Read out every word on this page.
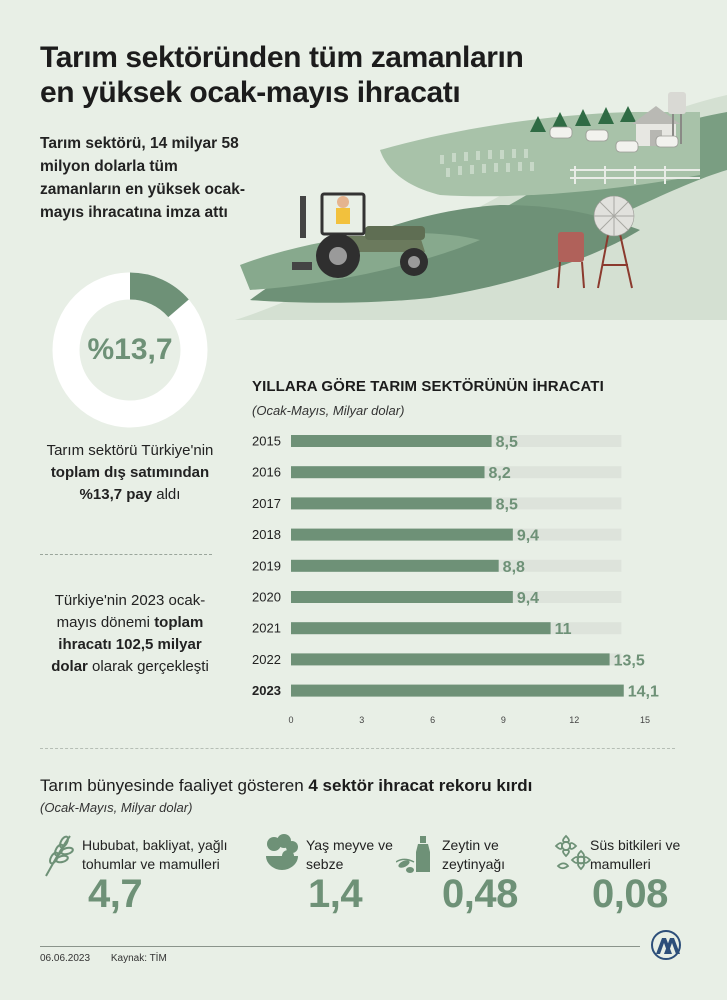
Tarım sektöründen tüm zamanların
en yüksek ocak-mayıs ihracatı
Tarım sektörü, 14 milyar 58 milyon dolarla tüm zamanların en yüksek ocak-mayıs ihracatına imza attı
%13,7
Tarım sektörü Türkiye'nin toplam dış satımından %13,7 pay aldı
Türkiye'nin 2023 ocak-mayıs dönemi toplam ihracatı 102,5 milyar dolar olarak gerçekleşti
YILLARA GÖRE TARIM SEKTÖRÜNÜN İHRACATI
(Ocak-Mayıs, Milyar dolar)
2015	8,5
2016	8,2
2017	8,5
2018	9,4
2019	8,8
2020	9,4
2021	11
2022	13,5
2023	14,1
0	3	6	9	12	15
Tarım bünyesinde faaliyet gösteren 4 sektör ihracat rekoru kırdı
(Ocak-Mayıs, Milyar dolar)
Hububat, bakliyat, yağlı tohumlar ve mamulleri
4,7
Yaş meyve ve sebze
1,4
Zeytin ve zeytinyağı
0,48
Süs bitkileri ve mamulleri
0,08
06.06.2023 Kaynak: TİM
